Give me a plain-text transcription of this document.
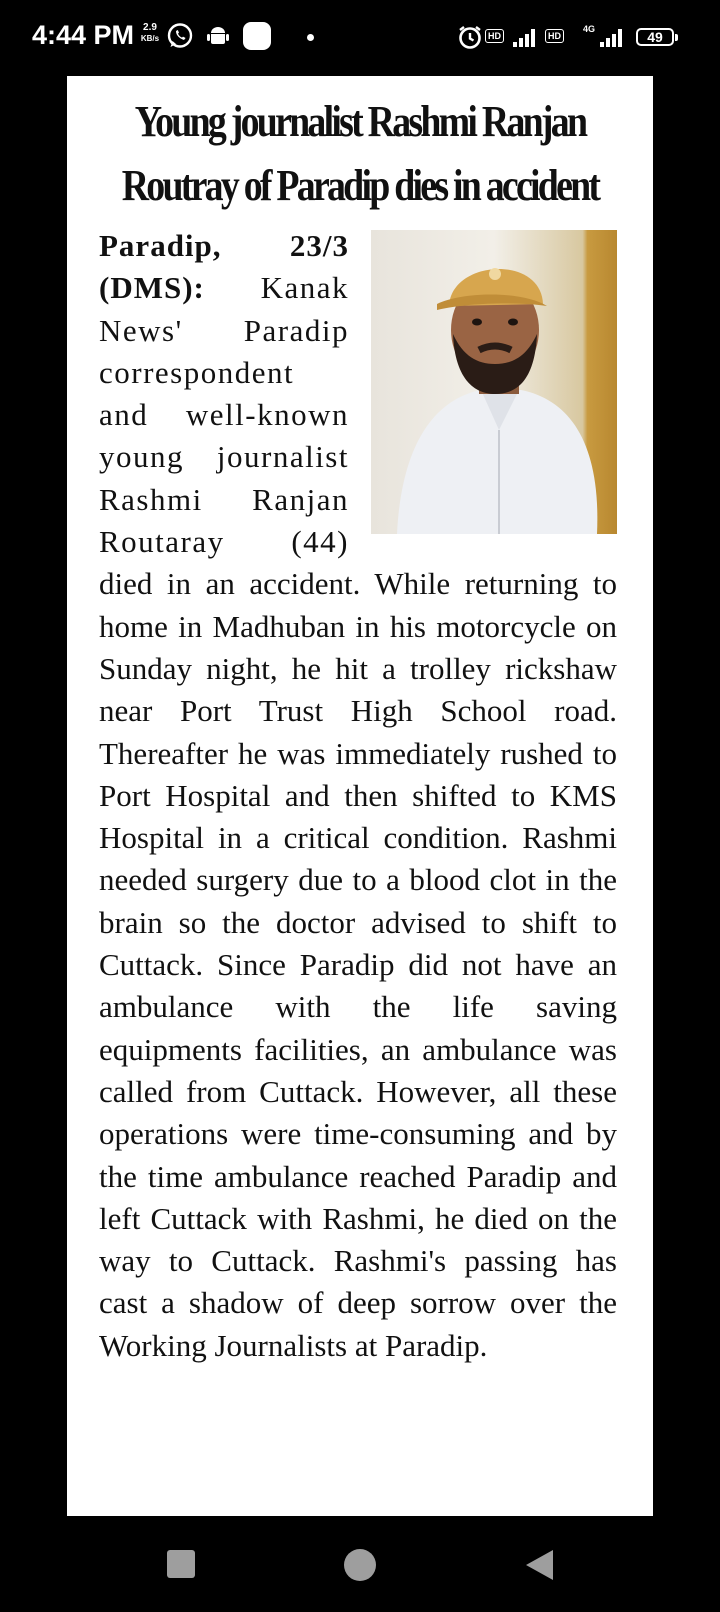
4:44 PM 2.9
KB/s	HD	HD
4G	49
Young journalist Rashmi Ranjan
Routray of Paradip dies in accident
Paradip, 23/3 (DMS): Kanak News' Paradip correspondent and well-known young journalist Rashmi Ranjan Routaray (44) died in an accident. While returning to home in Madhuban in his motorcycle on Sunday night, he hit a trolley rickshaw near Port Trust High School road. Thereafter he was immediately rushed to Port Hospital and then shifted to KMS Hospital in a critical condition. Rashmi needed surgery due to a blood clot in the brain so the doctor advised to shift to Cuttack. Since Paradip did not have an ambulance with the life saving equipments facilities, an ambulance was called from Cuttack. However, all these operations were time-consuming and by the time ambulance reached Paradip and left Cuttack with Rashmi, he died on the way to Cuttack. Rashmi's passing has cast a shadow of deep sorrow over the Working Journalists at Paradip.
